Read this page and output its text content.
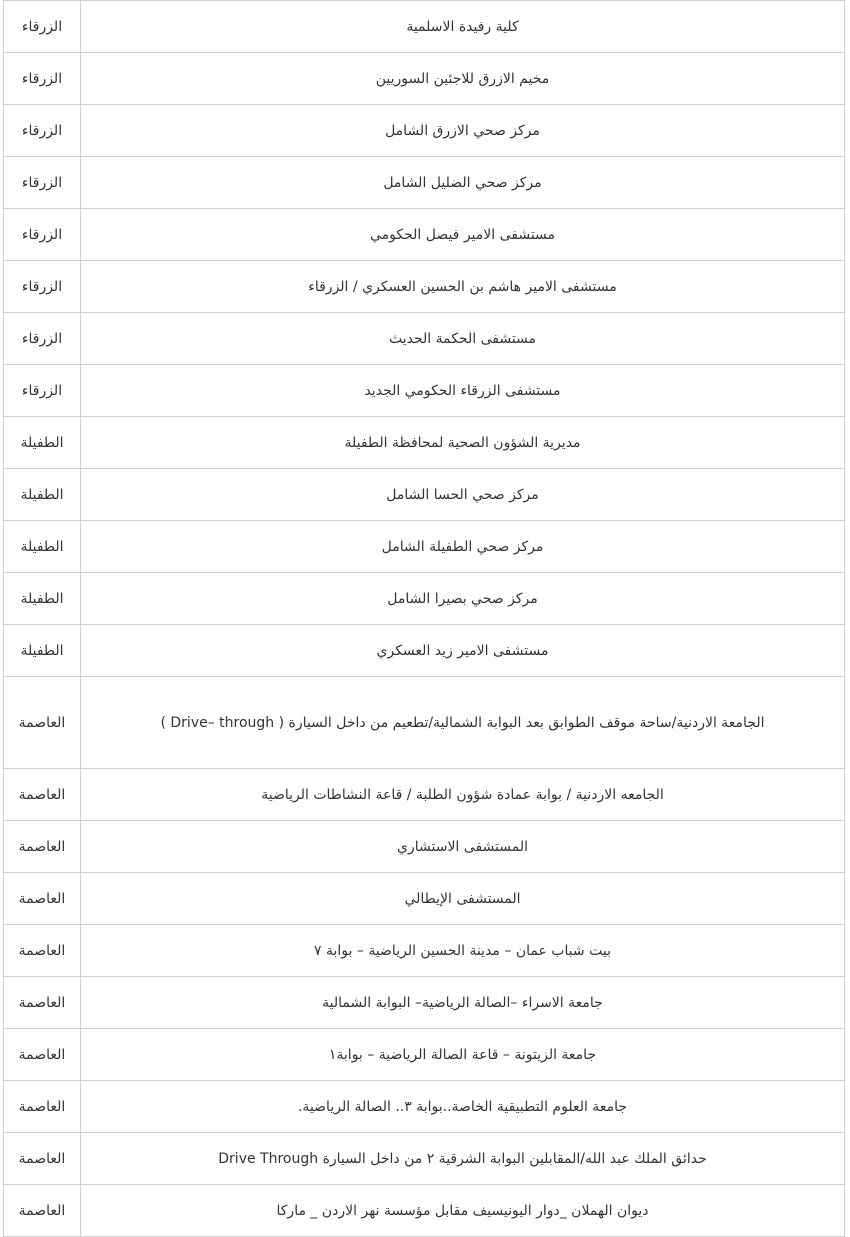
الزرقاء	كلية رفيدة الاسلمية
الزرقاء	مخيم الازرق للاجئين السوريين
الزرقاء	مركز صحي الازرق الشامل
الزرقاء	مركز صحي الضليل الشامل
الزرقاء	مستشفى الامير فيصل الحكومي
الزرقاء	مستشفى الامير هاشم بن الحسين العسكري / الزرقاء
الزرقاء	مستشفى الحكمة الحديث
الزرقاء	مستشفى الزرقاء الحكومي الجديد
الطفيلة	مديرية الشؤون الصحية لمحافظة الطفيلة
الطفيلة	مركز صحي الحسا الشامل
الطفيلة	مركز صحي الطفيلة الشامل
الطفيلة	مركز صحي بصيرا الشامل
الطفيلة	مستشفى الامير زيد العسكري
العاصمة	الجامعة الاردنية/ساحة موقف الطوابق بعد البوابة الشمالية/تطعيم من داخل السيارة ( Drive– through )
العاصمة	الجامعه الاردنية / بوابة عمادة شؤون الطلبة / قاعة النشاطات الرياضية
العاصمة	المستشفى الاستشاري
العاصمة	المستشفى الإيطالي
العاصمة	بيت شباب عمان – مدينة الحسين الرياضية – بوابة ٧
العاصمة	جامعة الاسراء –الصالة الرياضية– البوابة الشمالية
العاصمة	جامعة الزيتونة – قاعة الصالة الرياضية – بوابة١
العاصمة	جامعة العلوم التطبيقية الخاصة..بوابة ٣.. الصالة الرياضية.
العاصمة	حدائق الملك عبد الله/المقابلين البوابة الشرقية ٢ من داخل السيارة Drive Through
العاصمة	ديوان الهملان _دوار اليونيسيف مقابل مؤسسة نهر الاردن _ ماركا
